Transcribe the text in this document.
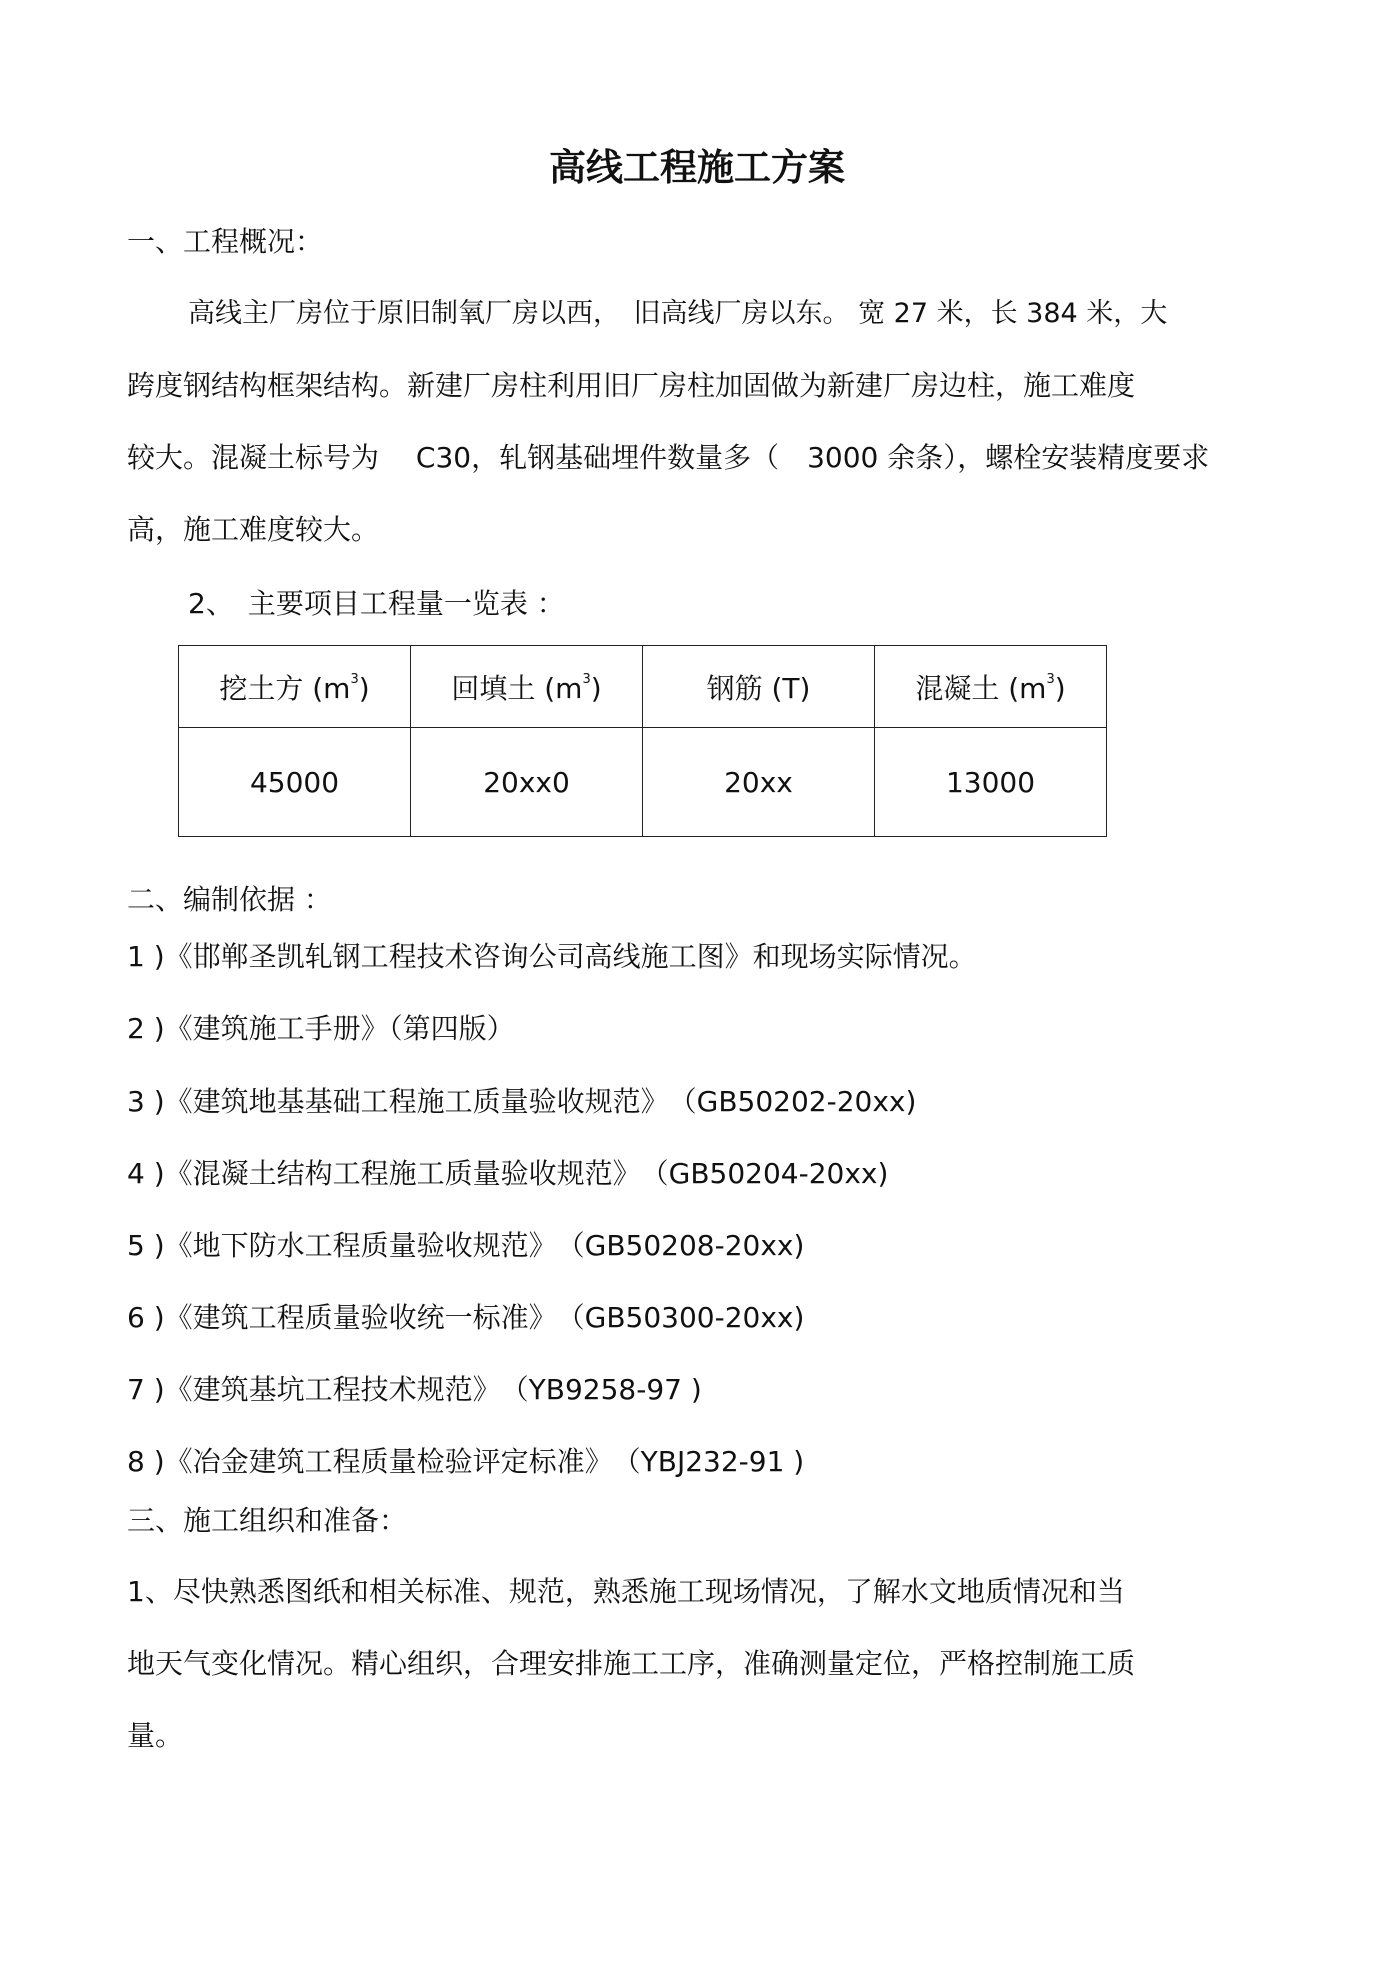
高线工程施工方案

一、工程概况：

高线主厂房位于原旧制氧厂房以西，　旧高线厂房以东。 宽 27 米，长 384 米，大

跨度钢结构框架结构。新建厂房柱利用旧厂房柱加固做为新建厂房边柱，施工难度

较大。混凝土标号为　 C30，轧钢基础埋件数量多（　3000 余条），螺栓安装精度要求

高，施工难度较大。

2、　主要项目工程量一览表 ：

挖土方 $(m^3)$	回填土 $(m^3)$	钢筋 (T)	混凝土 $(m^3)$
45000	20xx0	20xx	13000

二、编制依据 ：

1 )《邯郸圣凯轧钢工程技术咨询公司高线施工图》和现场实际情况。

2 )《建筑施工手册》（第四版）

3 )《建筑地基基础工程施工质量验收规范》　（GB50202-20xx)

4 )《混凝土结构工程施工质量验收规范》　（GB50204-20xx)

5 )《地下防水工程质量验收规范》　（GB50208-20xx)

6 )《建筑工程质量验收统一标准》　（GB50300-20xx)

7 )《建筑基坑工程技术规范》　（YB9258-97 )

8 )《冶金建筑工程质量检验评定标准》　（YBJ232-91 )

三、施工组织和准备：

1、尽快熟悉图纸和相关标准、规范，熟悉施工现场情况，了解水文地质情况和当

地天气变化情况。精心组织，合理安排施工工序，准确测量定位，严格控制施工质

量。
